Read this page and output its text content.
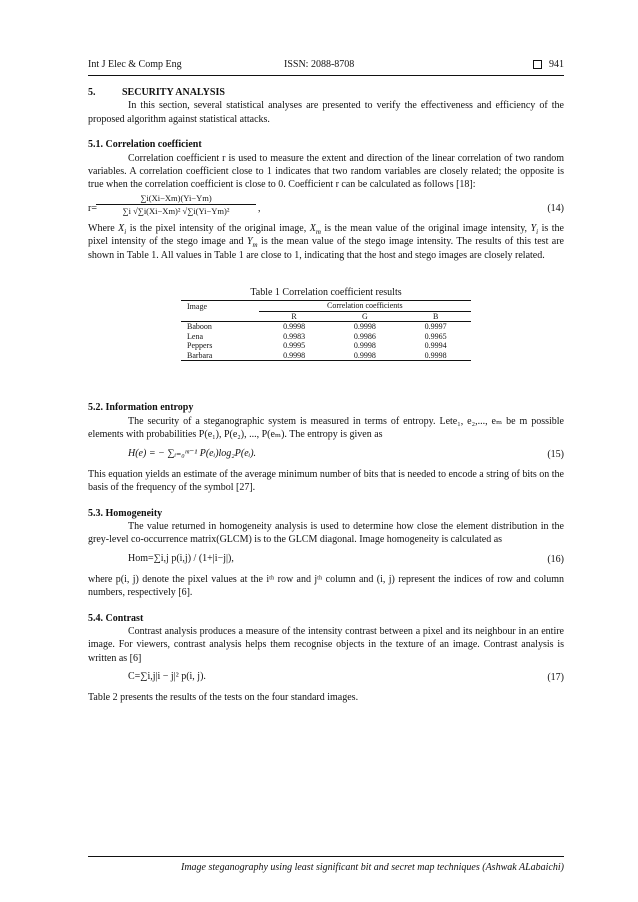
Int J Elec & Comp Eng	ISSN: 2088-8708	941
5.	SECURITY ANALYSIS

In this section, several statistical analyses are presented to verify the effectiveness and efficiency of the proposed algorithm against statistical attacks.

5.1. Correlation coefficient

Correlation coefficient r is used to measure the extent and direction of the linear correlation of two random variables. A correlation coefficient close to 1 indicates that two random variables are closely related; the opposite is true when the correlation coefficient is close to 0. Coefficient r can be calculated as follows [18]:

$r= \frac{\sum i(Xi-Xm)(Yi-Ym)}{\text{∑i √∑i(Xi−Xm)² √∑i(Yi−Ym)²}}$ ,	(14)

Where $X_i$ is the pixel intensity of the original image, $X_m$ is the mean value of the original image intensity, $Y_i$ is the pixel intensity of the stego image and $Y_m$ is the mean value of the stego image intensity. The results of this test are shown in Table 1. All values in Table 1 are close to 1, indicating that the host and stego images are closely related.

Table 1 Correlation coefficient results
Image	Correlation coefficients		
	R	G	B
Baboon	0.9998	0.9998	0.9997
Lena	0.9983	0.9986	0.9965
Peppers	0.9995	0.9998	0.9994
Barbara	0.9998	0.9998	0.9998
5.2. Information entropy

The security of a steganographic system is measured in terms of entropy. Lete₁, e₂,..., eₘ be m possible elements with probabilities P(e₁), P(e₂), ..., P(eₘ). The entropy is given as

H(e) = − ∑ᵢ₌₀ᵐ⁻¹ P(eᵢ)log₂P(eᵢ).	(15)

This equation yields an estimate of the average minimum number of bits that is needed to encode a string of bits on the basis of the frequency of the symbol [27].

5.3. Homogeneity

The value returned in homogeneity analysis is used to determine how close the element distribution in the grey-level co-occurrence matrix(GLCM) is to the GLCM diagonal. Image homogeneity is calculated as

Hom=∑i,j p(i,j) / (1+|i−j|),	(16)

where p(i, j) denote the pixel values at the iᵗʰ row and jᵗʰ column and (i, j) represent the indices of row and column numbers, respectively [6].

5.4. Contrast

Contrast analysis produces a measure of the intensity contrast between a pixel and its neighbour in an entire image. For viewers, contrast analysis helps them recognise objects in the texture of an image. Contrast analysis is written as [6]

C=∑i,j|i − j|² p(i, j).	(17)

Table 2 presents the results of the tests on the four standard images.

Image steganography using least significant bit and secret map techniques (Ashwak ALabaichi)
